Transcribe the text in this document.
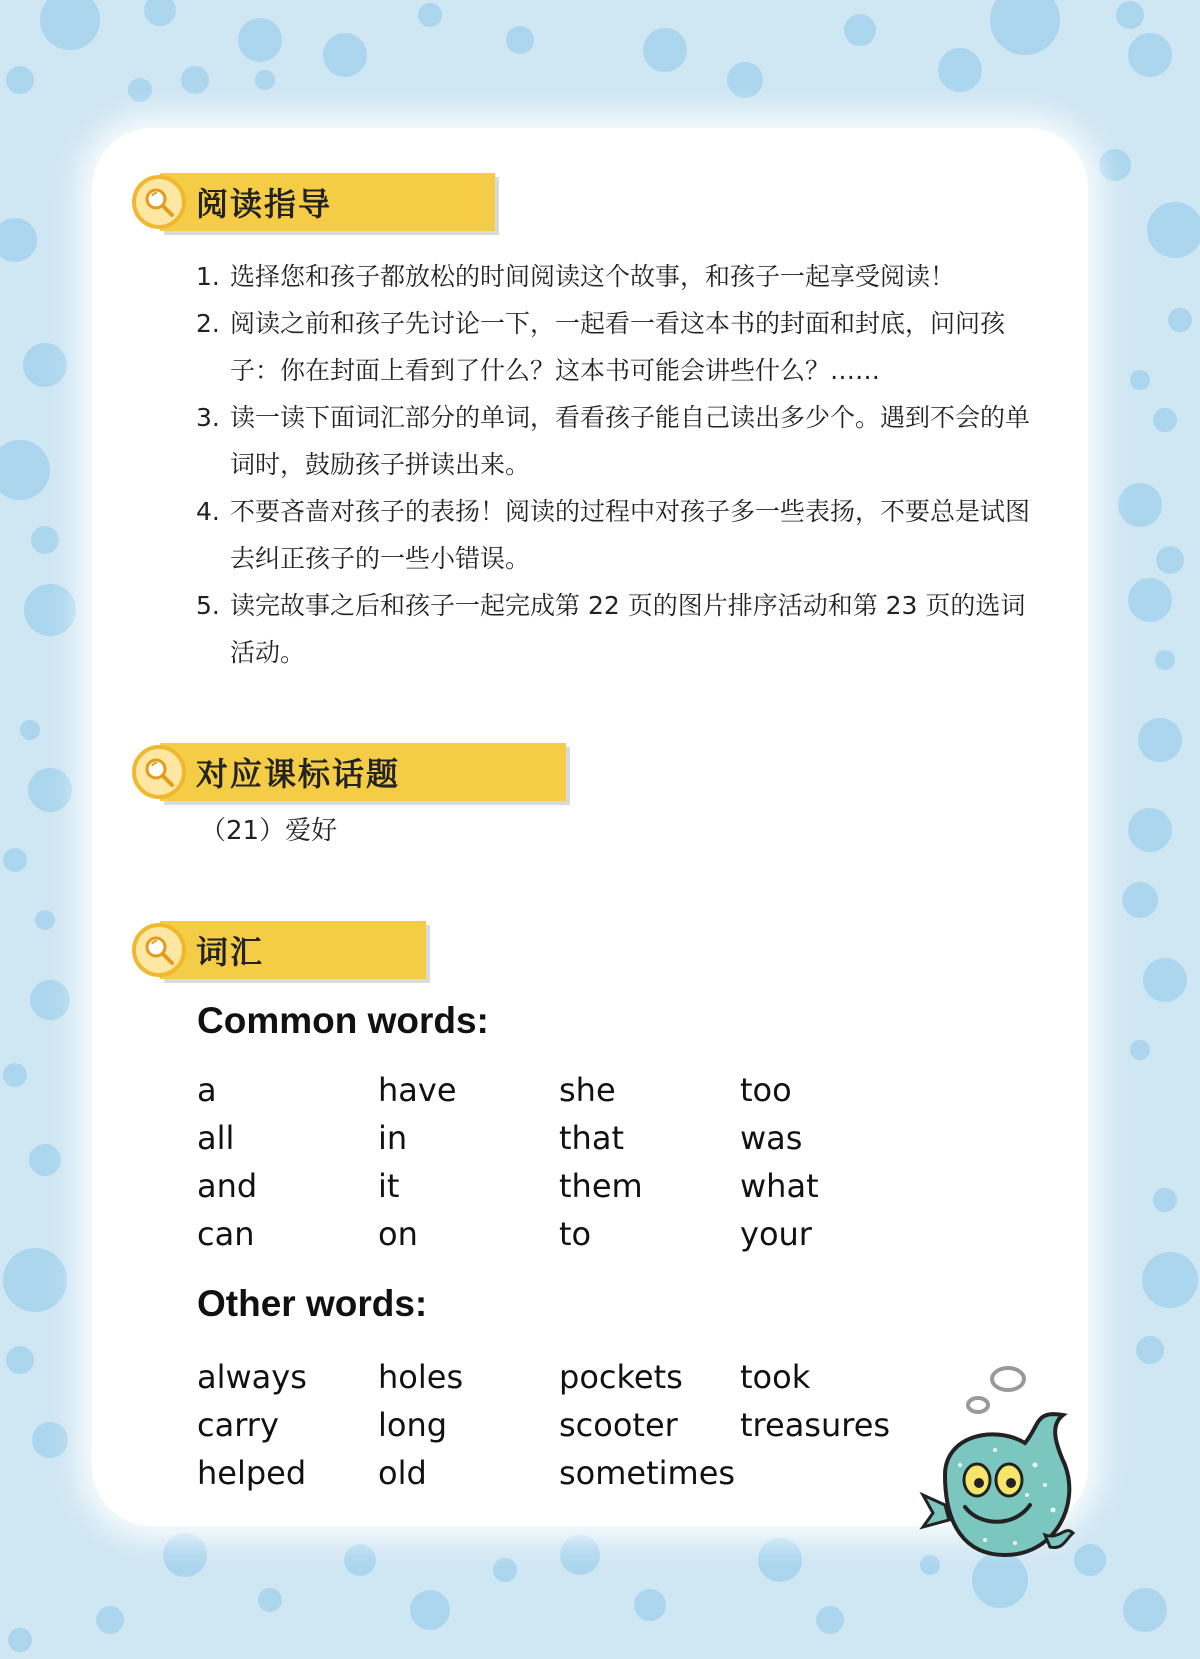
阅读指导
1. 选择您和孩子都放松的时间阅读这个故事，和孩子一起享受阅读！
2. 阅读之前和孩子先讨论一下，一起看一看这本书的封面和封底，问问孩子：你在封面上看到了什么？这本书可能会讲些什么？……
3. 读一读下面词汇部分的单词，看看孩子能自己读出多少个。遇到不会的单词时，鼓励孩子拼读出来。
4. 不要吝啬对孩子的表扬！阅读的过程中对孩子多一些表扬，不要总是试图去纠正孩子的一些小错误。
5. 读完故事之后和孩子一起完成第 22 页的图片排序活动和第 23 页的选词活动。
对应课标话题
（21）爱好
词汇
Common words:
a	have	she	too
all	in	that	was
and	it	them	what
can	on	to	your
Other words:
always	holes	pockets	took
carry	long	scooter	treasures
helped	old	sometimes
